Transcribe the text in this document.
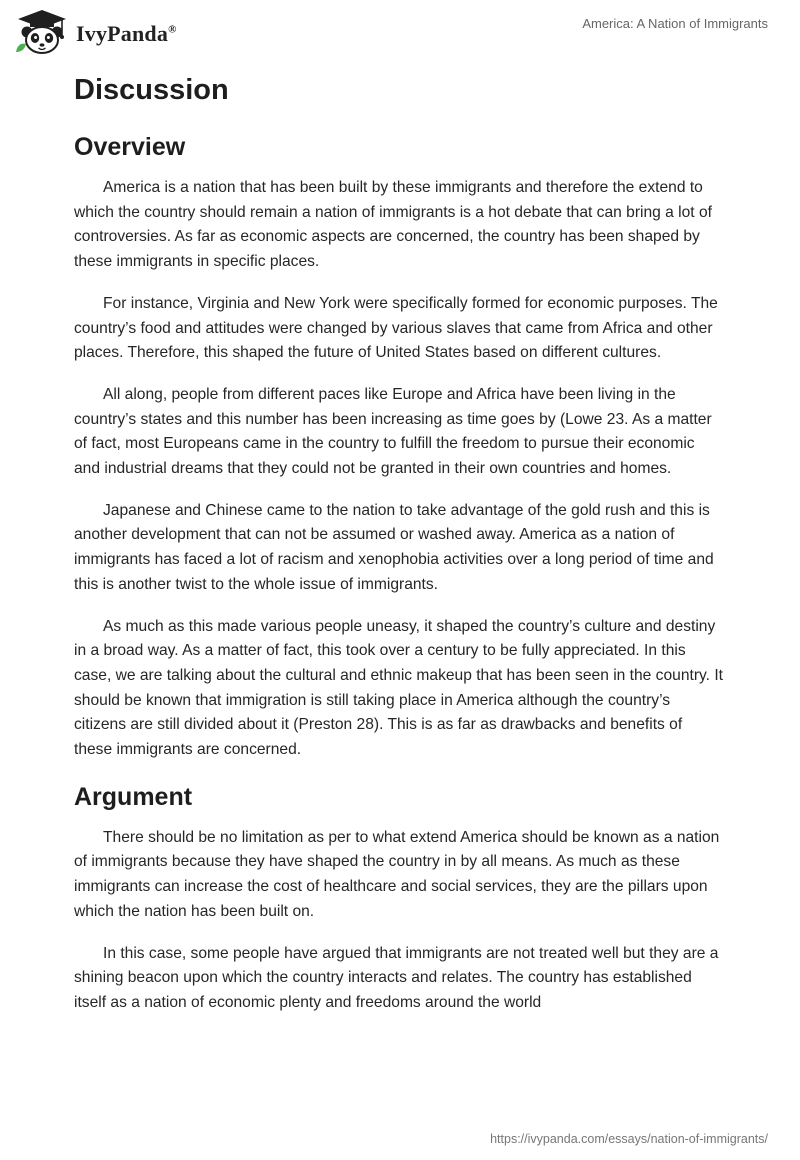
IvyPanda®	America: A Nation of Immigrants
Discussion
Overview

America is a nation that has been built by these immigrants and therefore the extend to which the country should remain a nation of immigrants is a hot debate that can bring a lot of controversies. As far as economic aspects are concerned, the country has been shaped by these immigrants in specific places.

For instance, Virginia and New York were specifically formed for economic purposes. The country’s food and attitudes were changed by various slaves that came from Africa and other places. Therefore, this shaped the future of United States based on different cultures.

All along, people from different paces like Europe and Africa have been living in the country’s states and this number has been increasing as time goes by (Lowe 23. As a matter of fact, most Europeans came in the country to fulfill the freedom to pursue their economic and industrial dreams that they could not be granted in their own countries and homes.

Japanese and Chinese came to the nation to take advantage of the gold rush and this is another development that can not be assumed or washed away. America as a nation of immigrants has faced a lot of racism and xenophobia activities over a long period of time and this is another twist to the whole issue of immigrants.

As much as this made various people uneasy, it shaped the country’s culture and destiny in a broad way. As a matter of fact, this took over a century to be fully appreciated. In this case, we are talking about the cultural and ethnic makeup that has been seen in the country. It should be known that immigration is still taking place in America although the country’s citizens are still divided about it (Preston 28). This is as far as drawbacks and benefits of these immigrants are concerned.

Argument

There should be no limitation as per to what extend America should be known as a nation of immigrants because they have shaped the country in by all means. As much as these immigrants can increase the cost of healthcare and social services, they are the pillars upon which the nation has been built on.

In this case, some people have argued that immigrants are not treated well but they are a shining beacon upon which the country interacts and relates. The country has established itself as a nation of economic plenty and freedoms around the world

https://ivypanda.com/essays/nation-of-immigrants/
